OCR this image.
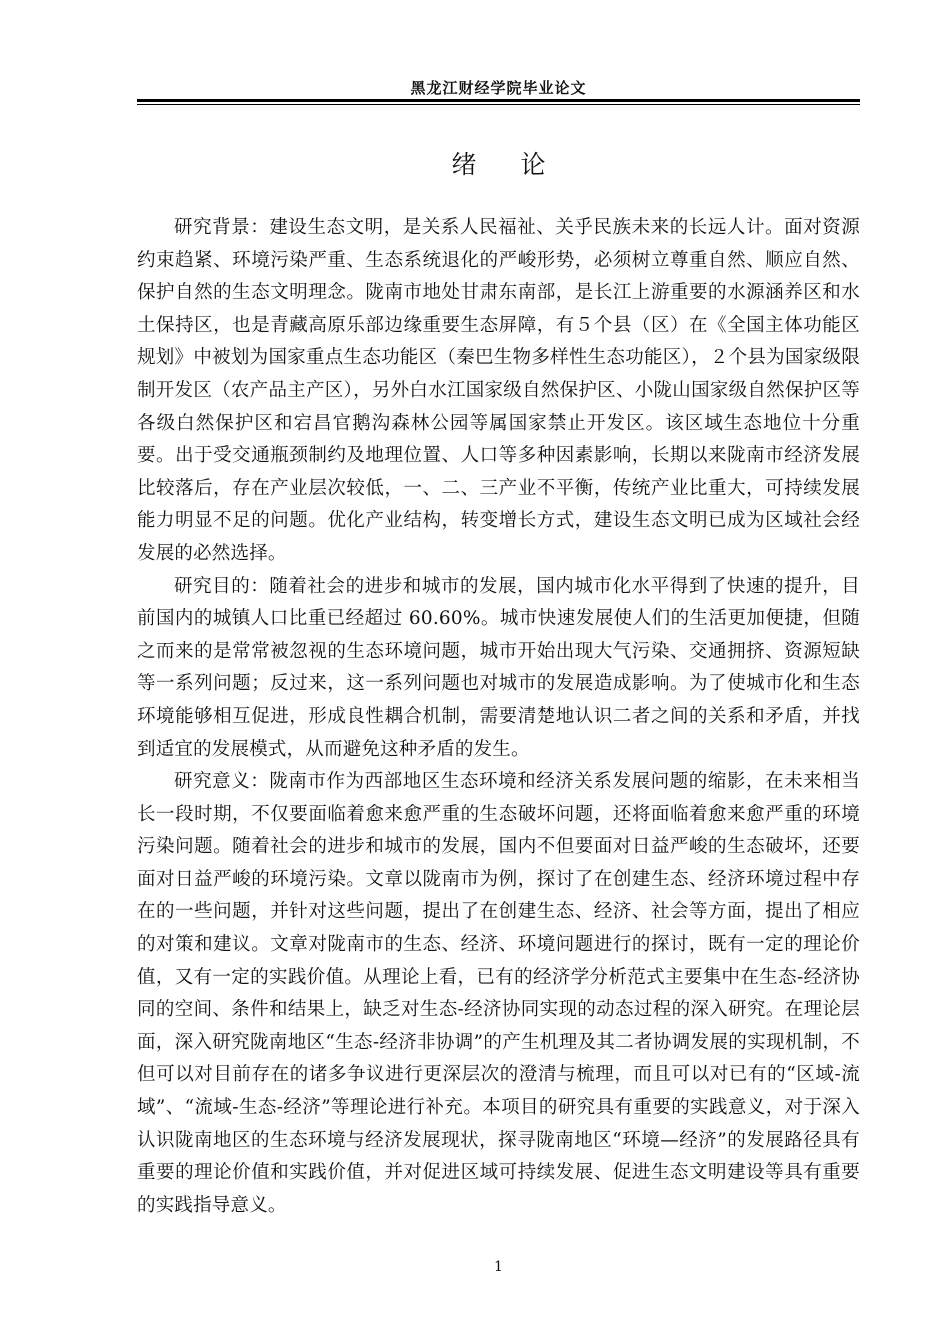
黑龙江财经学院毕业论文
绪论

研究背景：建设生态文明，是关系人民福祉、关乎民族未来的长远人计。面对资源约束趋紧、环境污染严重、生态系统退化的严峻形势，必须树立尊重自然、顺应自然、保护自然的生态文明理念。陇南市地处甘肃东南部，是长江上游重要的水源涵养区和水土保持区，也是青藏高原乐部边缘重要生态屏障，有５个县（区）在《全国主体功能区规划》中被划为国家重点生态功能区（秦巴生物多样性生态功能区），２个县为国家级限制开发区（农产品主产区），另外白水江国家级自然保护区、小陇山国家级自然保护区等各级白然保护区和宕昌官鹅沟森林公园等属国家禁止开发区。该区域生态地位十分重要。出于受交通瓶颈制约及地理位置、人口等多种因素影响，长期以来陇南市经济发展比较落后，存在产业层次较低，一、二、三产业不平衡，传统产业比重大，可持续发展能力明显不足的问题。优化产业结构，转变增长方式，建设生态文明已成为区域社会经发展的必然选择。

研究目的：随着社会的进步和城市的发展，国内城市化水平得到了快速的提升，目前国内的城镇人口比重已经超过 60.60%。城市快速发展使人们的生活更加便捷，但随之而来的是常常被忽视的生态环境问题，城市开始出现大气污染、交通拥挤、资源短缺等一系列问题；反过来，这一系列问题也对城市的发展造成影响。为了使城市化和生态环境能够相互促进，形成良性耦合机制，需要清楚地认识二者之间的关系和矛盾，并找到适宜的发展模式，从而避免这种矛盾的发生。

研究意义：陇南市作为西部地区生态环境和经济关系发展问题的缩影，在未来相当长一段时期，不仅要面临着愈来愈严重的生态破坏问题，还将面临着愈来愈严重的环境污染问题。随着社会的进步和城市的发展，国内不但要面对日益严峻的生态破坏，还要面对日益严峻的环境污染。文章以陇南市为例，探讨了在创建生态、经济环境过程中存在的一些问题，并针对这些问题，提出了在创建生态、经济、社会等方面，提出了相应的对策和建议。文章对陇南市的生态、经济、环境问题进行的探讨，既有一定的理论价值，又有一定的实践价值。从理论上看，已有的经济学分析范式主要集中在生态-经济协同的空间、条件和结果上，缺乏对生态-经济协同实现的动态过程的深入研究。在理论层面，深入研究陇南地区“生态-经济非协调”的产生机理及其二者协调发展的实现机制，不但可以对目前存在的诸多争议进行更深层次的澄清与梳理，而且可以对已有的“区域-流域”、“流域-生态-经济”等理论进行补充。本项目的研究具有重要的实践意义，对于深入认识陇南地区的生态环境与经济发展现状，探寻陇南地区“环境—经济”的发展路径具有重要的理论价值和实践价值，并对促进区域可持续发展、促进生态文明建设等具有重要的实践指导意义。

1
